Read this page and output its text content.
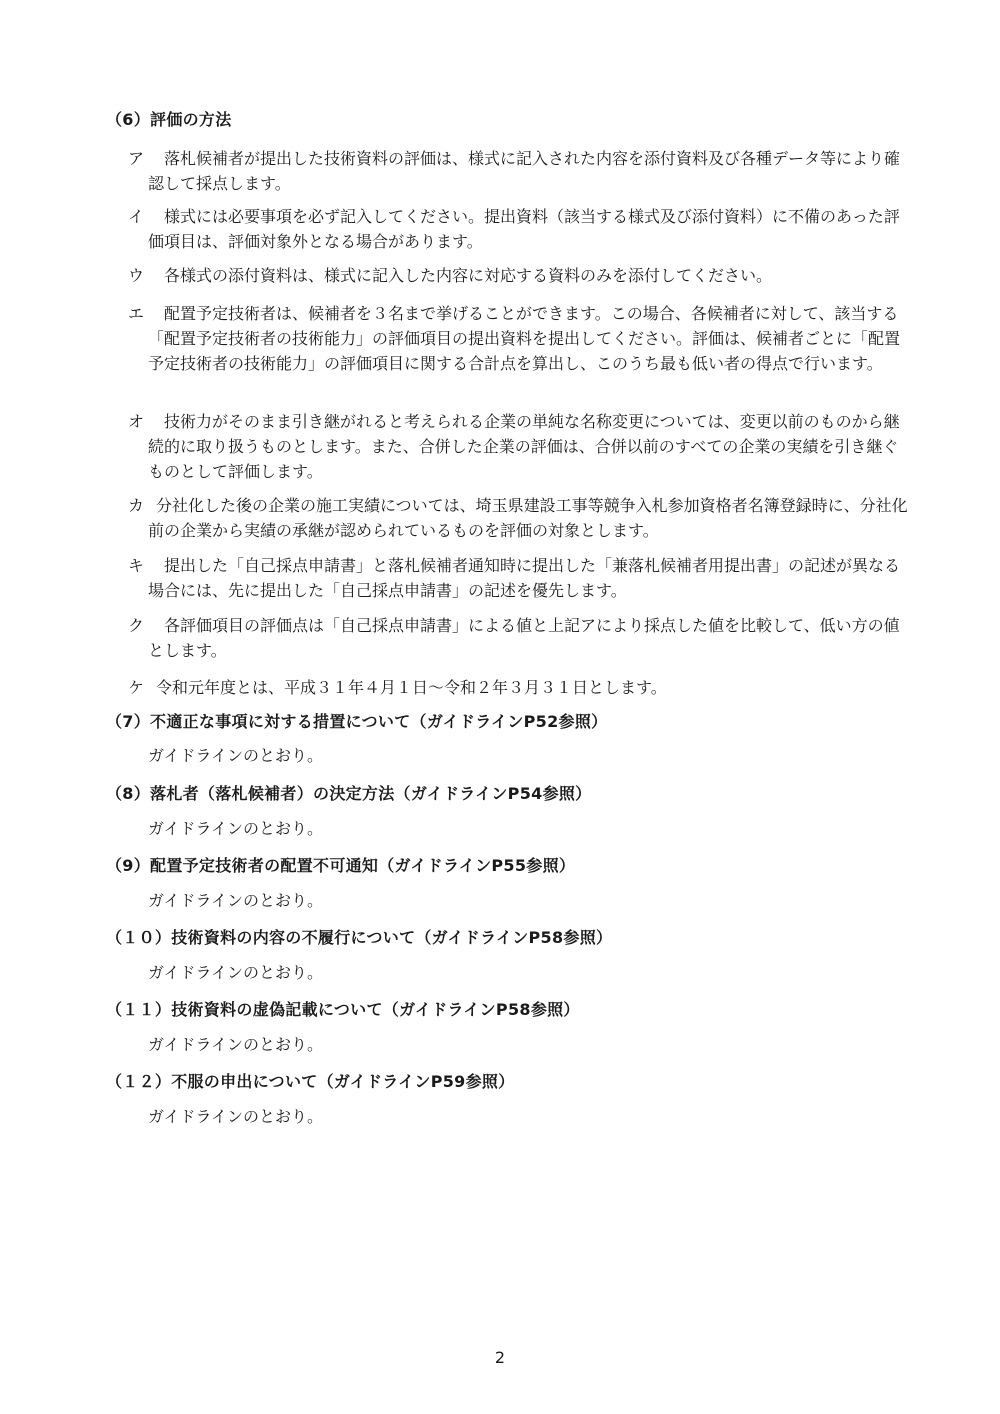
（6）評価の方法
ア	落札候補者が提出した技術資料の評価は、様式に記入された内容を添付資料及び各種データ等により確認して採点します。
イ	様式には必要事項を必ず記入してください。提出資料（該当する様式及び添付資料）に不備のあった評価項目は、評価対象外となる場合があります。
ウ	各様式の添付資料は、様式に記入した内容に対応する資料のみを添付してください。
エ	配置予定技術者は、候補者を３名まで挙げることができます。この場合、各候補者に対して、該当する「配置予定技術者の技術能力」の評価項目の提出資料を提出してください。評価は、候補者ごとに「配置予定技術者の技術能力」の評価項目に関する合計点を算出し、このうち最も低い者の得点で行います。
オ	技術力がそのまま引き継がれると考えられる企業の単純な名称変更については、変更以前のものから継続的に取り扱うものとします。また、合併した企業の評価は、合併以前のすべての企業の実績を引き継ぐものとして評価します。
カ 分社化した後の企業の施工実績については、埼玉県建設工事等競争入札参加資格者名簿登録時に、分社化前の企業から実績の承継が認められているものを評価の対象とします。
キ	提出した「自己採点申請書」と落札候補者通知時に提出した「兼落札候補者用提出書」の記述が異なる場合には、先に提出した「自己採点申請書」の記述を優先します。
ク	各評価項目の評価点は「自己採点申請書」による値と上記アにより採点した値を比較して、低い方の値とします。
ケ 令和元年度とは、平成３１年４月１日～令和２年３月３１日とします。
（7）不適正な事項に対する措置について（ガイドラインP52参照）
ガイドラインのとおり。
（8）落札者（落札候補者）の決定方法（ガイドラインP54参照）
ガイドラインのとおり。
（9）配置予定技術者の配置不可通知（ガイドラインP55参照）
ガイドラインのとおり。
（１０）技術資料の内容の不履行について（ガイドラインP58参照）
ガイドラインのとおり。
（１１）技術資料の虚偽記載について（ガイドラインP58参照）
ガイドラインのとおり。
（１２）不服の申出について（ガイドラインP59参照）
ガイドラインのとおり。
2
